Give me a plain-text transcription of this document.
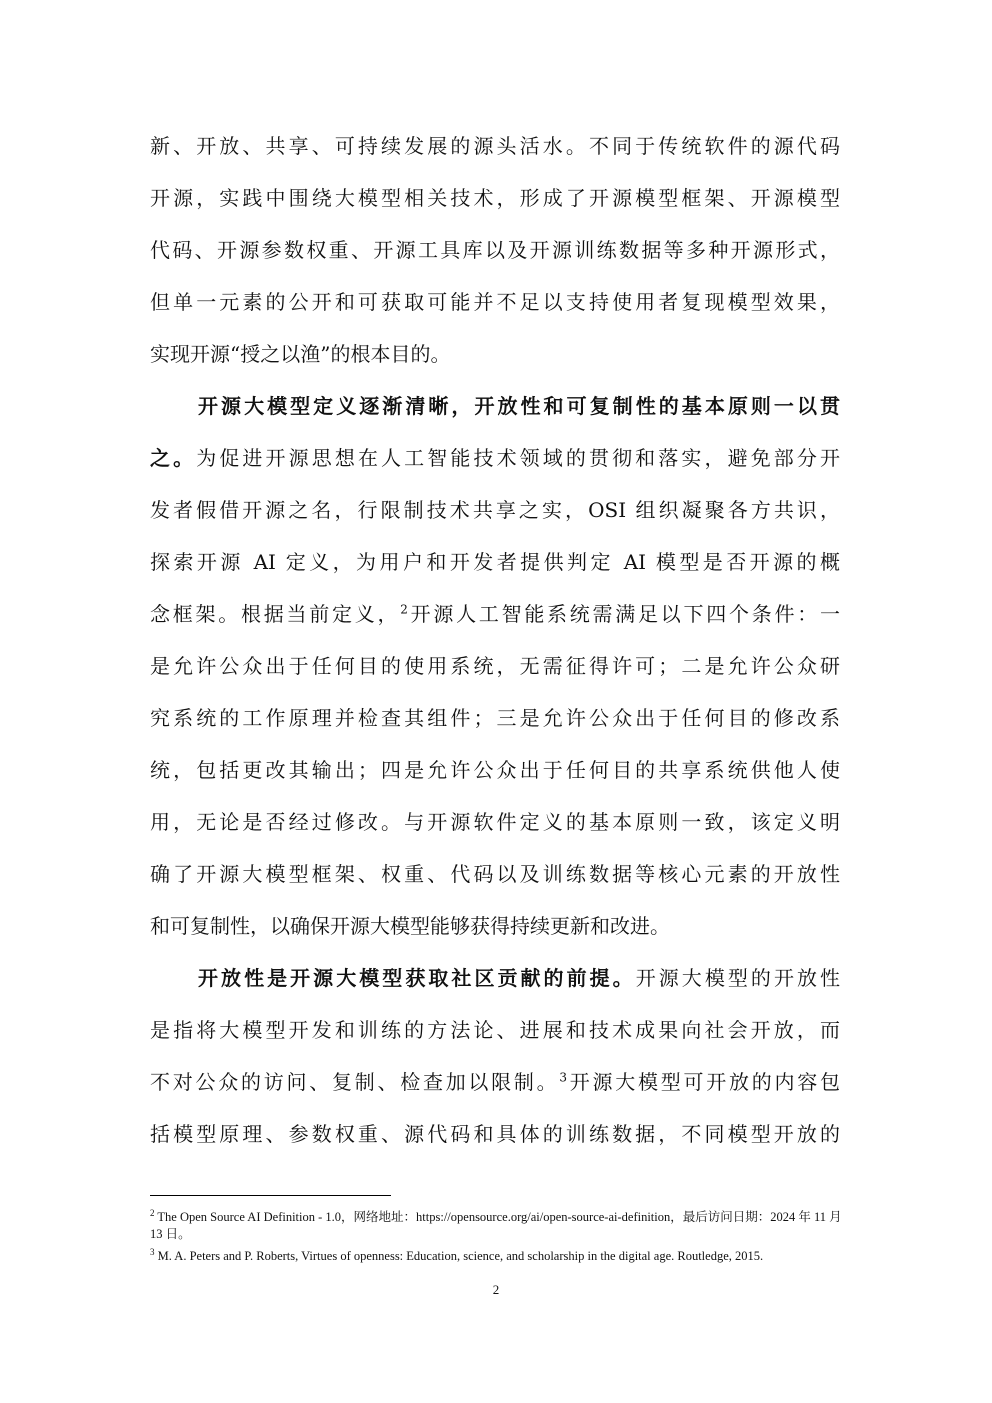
新、开放、共享、可持续发展的源头活水。不同于传统软件的源代码
开源，实践中围绕大模型相关技术，形成了开源模型框架、开源模型
代码、开源参数权重、开源工具库以及开源训练数据等多种开源形式，
但单一元素的公开和可获取可能并不足以支持使用者复现模型效果，
实现开源“授之以渔”的根本目的。
开源大模型定义逐渐清晰，开放性和可复制性的基本原则一以贯
之。为促进开源思想在人工智能技术领域的贯彻和落实，避免部分开
发者假借开源之名，行限制技术共享之实，OSI 组织凝聚各方共识，
探索开源 AI 定义，为用户和开发者提供判定 AI 模型是否开源的概
念框架。根据当前定义，$^2$开源人工智能系统需满足以下四个条件：一
是允许公众出于任何目的使用系统，无需征得许可；二是允许公众研
究系统的工作原理并检查其组件；三是允许公众出于任何目的修改系
统，包括更改其输出；四是允许公众出于任何目的共享系统供他人使
用，无论是否经过修改。与开源软件定义的基本原则一致，该定义明
确了开源大模型框架、权重、代码以及训练数据等核心元素的开放性
和可复制性，以确保开源大模型能够获得持续更新和改进。
开放性是开源大模型获取社区贡献的前提。开源大模型的开放性
是指将大模型开发和训练的方法论、进展和技术成果向社会开放，而
不对公众的访问、复制、检查加以限制。$^3$开源大模型可开放的内容包
括模型原理、参数权重、源代码和具体的训练数据，不同模型开放的
$^2$ The Open Source AI Definition - 1.0，网络地址：https://opensource.org/ai/open-source-ai-definition，最后访问日期：2024 年 11 月 13 日。
$^3$ M. A. Peters and P. Roberts, Virtues of openness: Education, science, and scholarship in the digital age. Routledge, 2015.
2
